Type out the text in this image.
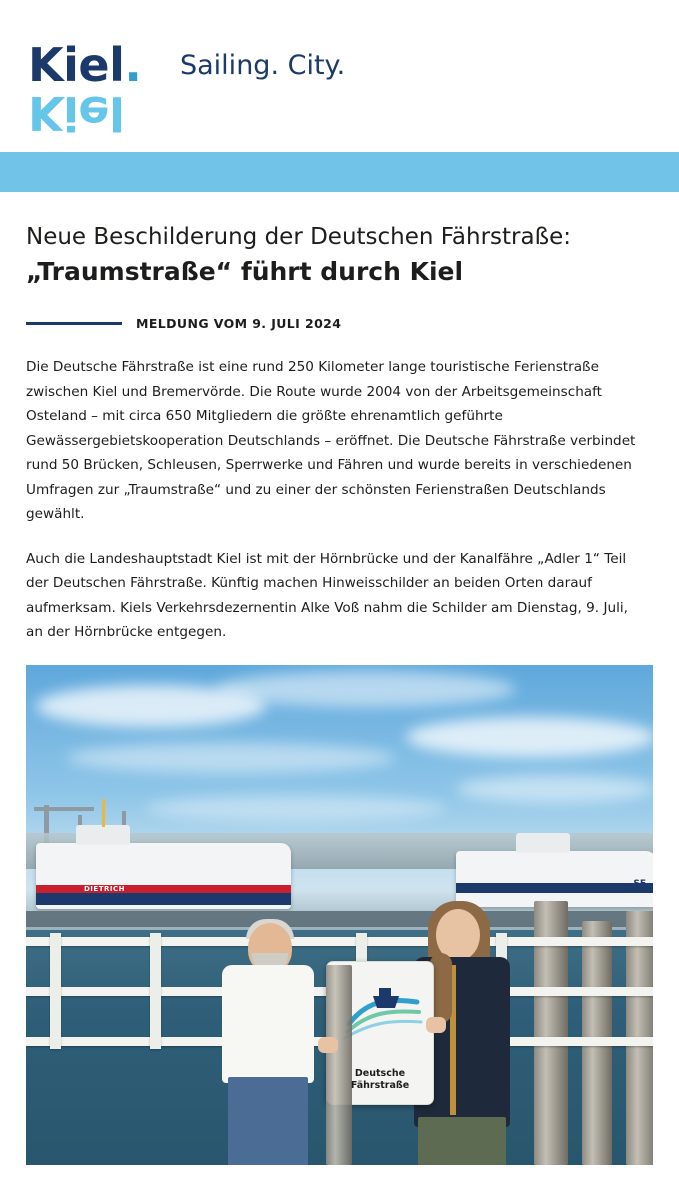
Kiel.
Kiel
Sailing. City.
Neue Beschilderung der Deutschen Fährstraße:
„Traumstraße“ führt durch Kiel
MELDUNG VOM 9. JULI 2024

Die Deutsche Fährstraße ist eine rund 250 Kilometer lange touristische Ferienstraße zwischen Kiel und Bremervörde. Die Route wurde 2004 von der Arbeitsgemeinschaft Osteland – mit circa 650 Mitgliedern die größte ehrenamtlich geführte Gewässergebietskooperation Deutschlands – eröffnet. Die Deutsche Fährstraße verbindet rund 50 Brücken, Schleusen, Sperrwerke und Fähren und wurde bereits in verschiedenen Umfragen zur „Traumstraße“ und zu einer der schönsten Ferienstraßen Deutschlands gewählt.

Auch die Landeshauptstadt Kiel ist mit der Hörnbrücke und der Kanalfähre „Adler 1“ Teil der Deutschen Fährstraße. Künftig machen Hinweisschilder an beiden Orten darauf aufmerksam. Kiels Verkehrsdezernentin Alke Voß nahm die Schilder am Dienstag, 9. Juli, an der Hörnbrücke entgegen.

DIETRICH	SF
Deutsche
Fährstraße
